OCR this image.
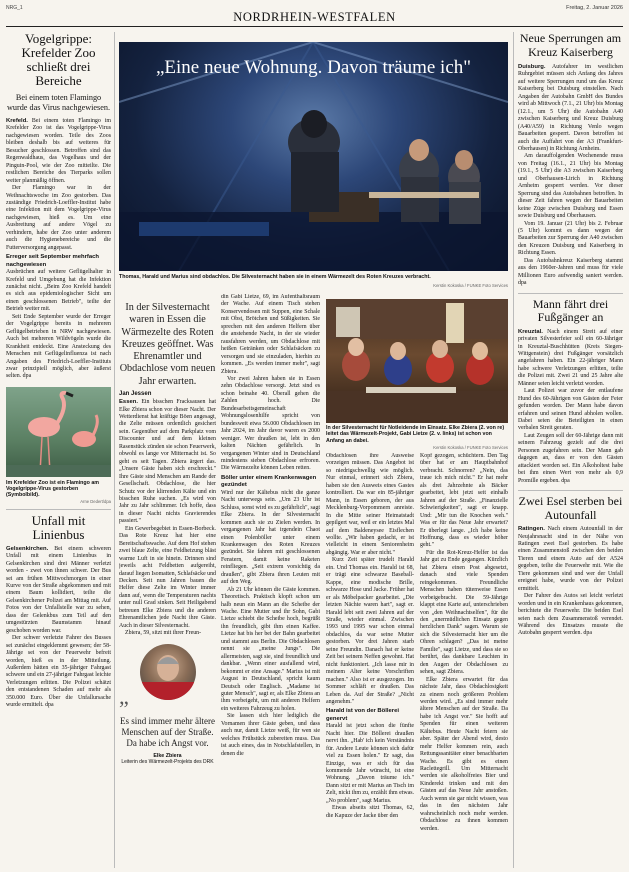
NRG_1
NORDRHEIN-WESTFALEN
Freitag, 2. Januar 2026
Vogelgrippe: Krefelder Zoo schließt drei Bereiche
Bei einem toten Flamingo wurde das Virus nachgewiesen.
Krefeld. Bei einem toten Flamingo im Krefelder Zoo ist das Vogelgrippe-Virus nachgewiesen worden. Teile des Zoos bleiben deshalb bis auf weiteres für Besucher geschlossen. Betroffen sind das Regenwaldhaus, das Vogelhaus und der Pinguin-Pool, wie der Zoo mitteilte. Die restlichen Bereiche des Tierparks sollen weiter planmäßig öffnen.
Der Flamingo war in der Weihnachtswoche im Zoo gestorben. Das zuständige Friedrich-Loeffler-Institut habe eine Infektion mit dem Vogelgrippe-Virus nachgewiesen, hieß es. Um eine Ausbreitung auf andere Vögel zu verhindern, habe der Zoo unter anderem auch die Hygienebereiche und die Futterversorgung angepasst.
Erreger seit September mehrfach nachgewiesen
Ausbrüchen auf weitere Geflügelhalter in Krefeld und Umgebung hat die Infektion zunächst nicht. „Beim Zoo Krefeld handelt es sich aus epidemiologischer Sicht um einen geschlossenen Betrieb", teilte der Betrieb weiter mit.
Seit Ende September wurde der Erreger der Vogelgrippe bereits in mehreren Geflügelbetrieben in NRW nachgewiesen. Auch bei mehreren Wildvögeln wurde die Krankheit entdeckt. Eine Ansteckung des Menschen mit Geflügelinfluenza ist nach Angaben des Friedrich-Loeffler-Instituts zwar prinzipiell möglich, aber äußerst selten. dpa
Im Krefelder Zoo ist ein Flamingo am Vogelgrippe-Virus gestorben (Symbolbild).
Arne Dedert/dpa
Unfall mit Linienbus
Gelsenkirchen. Bei einem schweren Unfall mit einem Linienbus in Gelsenkirchen sind drei Männer verletzt worden - zwei von ihnen schwer. Der Bus sei am frühen Mittwochmorgen in einer Kurve von der Straße abgekommen und mit einem Baum kollidiert, teilte die Gelsenkirchener Polizei am Mittag mit. Auf Fotos von der Unfallstelle war zu sehen, dass der Gelenkbus zum Teil auf den umgestürzten Baumstamm hinauf geschoben worden war.
Der schwer verletzte Fahrer des Busses sei zunächst eingeklemmt gewesen; der 58-Jährige sei von der Feuerwehr befreit worden, hieß es in der Mitteilung. Außerdem hätten ein 35-jähriger Fahrgast schwere und ein 27-jähriger Fahrgast leichte Verletzungen erlitten. Die Polizei schätzt den entstandenen Schaden auf mehr als 350.000 Euro. Über die Unfallursache wurde ermittelt. dpa
„Eine neue Wohnung. Davon träume ich"
Thomas, Harald und Marius sind obdachlos. Die Silvesternacht haben sie in einem Wärmezelt des Roten Kreuzes verbracht.
Kerstin Kokoska / FUNKE Foto Services
In der Silvesternacht waren in Essen die Wärmezelte des Roten Kreuzes geöffnet. Was Ehrenamtler und Obdachlose vom neuen Jahr erwarten.
Jan Jessen
Essen. Ein bisschen Fracksausen hat Elke Zbiera schon vor dieser Nacht. Der Wetterdienst hat kräftige Böen angesagt, die Zelte müssen ordentlich gesichert sein. Gegenüber auf dem Parkplatz vom Discounter und auf dem kleinen Rasenstück zünden sie schon Feuerwerk, obwohl es lange vor Mitternacht ist. So geht es seit Tagen. Zbiera ärgert das. „Unsere Gäste haben sich erschreckt." Ihre Gäste sind Menschen am Rande der Gesellschaft. Obdachlose, die hier Schutz vor der klirrenden Kälte und ein bisschen Ruhe suchen. „Es wird von Jahr zu Jahr schlimmer. Ich hoffe, dass in dieser Nacht nichts Gravierendes passiert."
Ein Gewerbegebiet in Essen-Borbeck. Das Rote Kreuz hat hier eine Bereitschaftswache. Auf dem Hof stehen zwei blaue Zelte, eine Feldheizung bläst warme Luft in sie hinein. Drinnen sind jeweils acht Feldbetten aufgereiht, darauf liegen Isomatten, Schlafsäcke und Decken. Seit nun Jahren bauen die Helfer diese Zelte im Winter immer dann auf, wenn die Temperaturen nachts unter null Grad sinken. Seit Heiligabend betreuen Elke Zbiera und die anderen Ehrenamtlichen jede Nacht ihre Gäste. Auch in dieser Silvesternacht.
Zbiera, 59, sitzt mit ihrer Freun-
”
Es sind immer mehr ältere Menschen auf der Straße. Da habe ich Angst vor.
Elke Zbiera
Leiterin des Wärmezelt-Projekts des DRK
din Gabi Lietze, 69, im Aufenthaltsraum der Wache. Auf einem Tisch stehen Konservendosen mit Suppen, eine Schale mit Obst, Brötchen und Süßigkeiten. Sie sprechen mit den anderen Helfern über die anstehende Nacht, in der sie wieder rausfahren werden, um Obdachlose mit heißen Getränken oder Schlafsäcken zu versorgen und sie einzuladen, hierhin zu kommen. „Es werden immer mehr", sagt Zbiera.
Vor zwei Jahren haben sie in Essen zehn Obdachlose versorgt. Jetzt sind es schon beinahe 40. Überall gehen die Zahlen hoch. Die Bundesarbeitsgemeinschaft Wohnungslosenhilfe spricht von bundesweit etwa 56.000 Obdachlosen im Jahr 2024, im Jahr davor waren es 2000 weniger. Wer draußen ist, lebt in den kalten Nächten gefährlich. In vergangenen Winter sind in Deutschland mindestens sieben Obdachlose erfroren. Die Wärmezelte können Leben retten.
Böller unter einem Krankenwagen gezündet
Wird nur der Kältebus nicht die ganze Nacht unterwegs sein. „Um 23 Uhr ist Schluss, sonst wird es zu gefährlich", sagt Elke Zbiera. In der Silvesternacht kommen auch sie zu Zielen werden. In vergangenen Jahr hat irgendein Chaot einen Polenböller unter einem Krankenwagen des Roten Kreuzes gezündet. Sie fahren mit geschlossenen Fenstern, damit keine Raketen reinfliegen. „Seit extrem vorsichtig da draußen", gibt Zbiera ihren Leuten mit auf den Weg.
Ab 21 Uhr können die Gäste kommen. Theoretisch. Praktisch klopft schon um halb neun ein Mann an die Scheibe der Wache. Eine Mutter und ihr Sohn, Gabi Lietze schiebt die Scheibe hoch, begrüßt ihn freundlich, gibt ihm einen Kaffee. Lietze hat bis her bei der Bahn gearbeitet und stammt aus Berlin. Die Obdachlosen nennt sie „meine Jungs". Die allermeisten, sagt sie, sind freundlich und dankbar. „Wenn einer ausfallend wird, bekommt er eine Ansage." Marius ist mit August in Deutschland, spricht kaum Deutsch oder Englisch. „Madame ist guter Mensch", sagt er, als Elke Zbiera an ihm vorbeigeht, um mit anderen Helfern ein weiteres Fahrzeug zu holen.
Sie lassen sich hier lediglich die Vornamen ihrer Gäste geben, und dass auch nur, damit Lietze weiß, für wen sie welches Frühstück zubereiten muss. Das ist auch eines, das in Notschlafstellen, in denen die
In der Silvesternacht für Notleidende im Einsatz. Elke Zbiera (2. von re) leitet das Wärmezelt-Projekt, Gabi Lietze (2. v. links) ist schon von Anfang an dabei.
Kerstin Kokoska / FUNKE Foto Services
Obdachlosen ihre Ausweise vorzeigen müssen. Das Angebot ist so niedrigschwellig wie möglich. Nur einmal, erinnert sich Zbiera, haben sie den Ausweis eines Gastes kontrolliert. Da war ein 85-jähriger Mann, in Essen geboren, der aus Mecklenburg-Vorpommern anreiste. In die Mitte seiner Heimatstadt gepilgert war, weil er ein letztes Mal auf dem Baldeneysee Eisflechen wollte. „Wir haben gedacht, er ist vielleicht in einem Seniorenheim abgängig. War er aber nicht."
Kurz Zeit später trudelt Harald ein. Und Thomas ein. Harald ist 68, er trägt eine schwarze Baseball-Kappe, eine modische Brille, schwarze Hose und Jacke. Früher hat er als Möbelpacker gearbeitet. „Die letzten Nächte waren hart", sagt er. Harald lebt seit zwei Jahren auf der Straße, wieder einmal. Zwischen 1993 und 1995 war schon einmal obdachlos, da war seine Mutter gestorben. Vor drei Jahren starb seine Freundin. Danach hat er keine Zeit bei seinem Neffen gewohnt. Hat nicht funktioniert. „Ich lasse mir in meinem Alter keine Vorschriften machen." Also ist er ausgezogen. Im Sommer schläft er draußen. Das Leben da. Auf der Straße? „Nicht angenehm."
Harald ist von der Böllerei genervt
Harald ist jetzt schon die fünfte Nacht hier. Die Böllerei draußen nervt ihn. „Hab' ich kein Verständnis für. Andere Leute können sich dafür viel zu Essen holen." Er sagt, das Einzige, was er sich für das kommende Jahr wünscht, ist eine Wohnung. „Davon träume ich." Dann sitzt er mit Marius an Tisch im Zelt, nickt ihm zu, erzählt ihm etwas. „No problem", sagt Marius.
Etwas abseits sitzt Thomas, 62, die Kapuze der Jacke über den
Kopf gezogen, schüchtern. Den Tag über hat er am Hauptbahnhof verbracht. Schnorren? „Nein, das traue ich mich nicht." Er hat mehr als drei Jahrzehnte als Bäcker gearbeitet, lebt jetzt seit einhalb Jahren auf der Straße. „Finanzielle Schwierigkeiten", sagt er knapp. Und: „Mir tun die Knochen weh." Was er für das Neue Jahr erwartet? Er überlegt lange. „Ich habe keine Hoffnung, dass es wieder höher geht."
Für die Rot-Kreuz-Helfer ist das Jahr gut zu Ende gegangen. Kürzlich hat Zbiera einen Post abgesetzt, danach sind viele Spenden reingekommen. Freundliche Menschen haben tütenweise Essen vorbeigebracht. Die 59-Jährige klappt eine Karte auf, unterschrieben von „den Weihnachtselfen", für die den „unermüdlichen Einsatz gegen herzlichen Dank" sagen. Warum sie sich die Silvesternacht hier um die Ohren schlagen? „Das ist meine Familie", sagt Lietze, und dass sie so berührt, das dankbare Leuchten in den Augen der Obdachlosen zu sehen, sagt Zbiera.
Elke Zbiera erwartet für das nächste Jahr, dass Obdachlosigkeit zu einem noch größeren Problem werden wird. „Es sind immer mehr ältere Menschen auf der Straße. Da habe ich Angst vor." Sie hofft auf Spenden für einen weiteren Kältebus. Heute Nacht feiern sie aber. Später der Abend wird, desto mehr Helfer kommen rein, auch Rettungssanitäter einer benachbarten Wache. Es gibt es einen Raclettegrill. Um Mitternacht werden sie alkoholfreies Bier und Kinderekt trinken und mit den Gästen auf das Neue Jahr anstoßen. Auch wenn sie gar nicht wissen, was das in den nächsten Jahr wahrscheinlich noch mehr werden. Obdachlose zu ihnen kommen werden.
Neue Sperrungen am Kreuz Kaiserberg
Duisburg. Autofahrer im westlichen Ruhrgebiet müssen sich Anfang des Jahres auf weitere Sperrungen rund um das Kreuz Kaiserberg bei Duisburg einstellen. Nach Angaben der Autobahn GmbH des Bundes wird ab Mittwoch (7.1., 21 Uhr) bis Montag (12.1., um 5 Uhr) die Autobahn A40 zwischen Kaiserberg und Kreuz Duisburg (A40/A59) in Richtung Venlo wegen Bauarbeiten gesperrt. Davon betroffen ist auch die Auffahrt von der A3 (Frankfurt-Oberhausen) in Richtung Arnheim.
Am darauffolgenden Wochenende muss von Freitag (16.1., 21 Uhr) bis Montag (19.1., 5 Uhr) die A3 zwischen Kaiserberg und Oberhausen-Lirich in Richtung Arnheim gesperrt werden. Vor dieser Sperrung sind das Autobahnen betroffen. In dieser Zeit fahren wegen der Bauarbeiten keine Züge zwischen Duisburg und Essen sowie Duisburg und Oberhausen.
Vom 19. Januar (21 Uhr) bis 2. Februar (5 Uhr) kommt es dann wegen der Bauarbeiten zur Sperrung der A40 zwischen den Kreuzen Duisburg und Kaiserberg in Richtung Essen.
Das Autobahnkreuz Kaiserberg stammt aus den 1960er-Jahren und muss für viele Millionen Euro aufwendig saniert werden. dpa
Mann fährt drei Fußgänger an
Kreuztal. Nach einem Streit auf einer privaten Silvesterfeier soll ein 60-Jähriger in Kreuztal-Buschhütten (Kreis Siegen-Wittgenstein) drei Fußgänger vorsätzlich angefahren haben. Ein 22-jähriger Mann habe schwere Verletzungen erlitten, teilte die Polizei mit. Zwei 21 und 25 Jahre alte Männer seien leicht verletzt worden.
Laut Polizei war zuvor der entlaufene Hund des 60-Jährigen von Gästen der Feier gefunden worden. Der Mann habe davon erfahren und seinen Hund abholen wollen. Dabei seien die Beteiligten in einen verbalen Streit geraten.
Laut Zeugen soll der 60-Jährige dann mit seinem Fahrzeug gezielt auf die drei Personen zugefahren sein. Der Mann gab dagegen an, dass er von den Gästen attackiert worden sei. Ein Alkoholtest habe bei ihm einen Wert von mehr als 0,9 Promille ergeben. dpa
Zwei Esel sterben bei Autounfall
Ratingen. Nach einem Autounfall in der Neujahrsnacht sind in der Nähe von Ratingen zwei Esel gestorben. Es habe einen Zusammenstoß zwischen den beiden Tieren und einem Auto auf der A524 gegeben, teilte die Feuerwehr mit. Wie die Tiere gekommen sind und wer der Unfall ereignet habe, wurde von der Polizei ermittelt.
Der Fahrer des Autos sei leicht verletzt worden und in ein Krankenhaus gekommen, berichtete die Feuerwehr. Die beiden Esel seien nach dem Zusammenstoß verendet. Während des Einsatzes musste die Autobahn gesperrt werden. dpa
